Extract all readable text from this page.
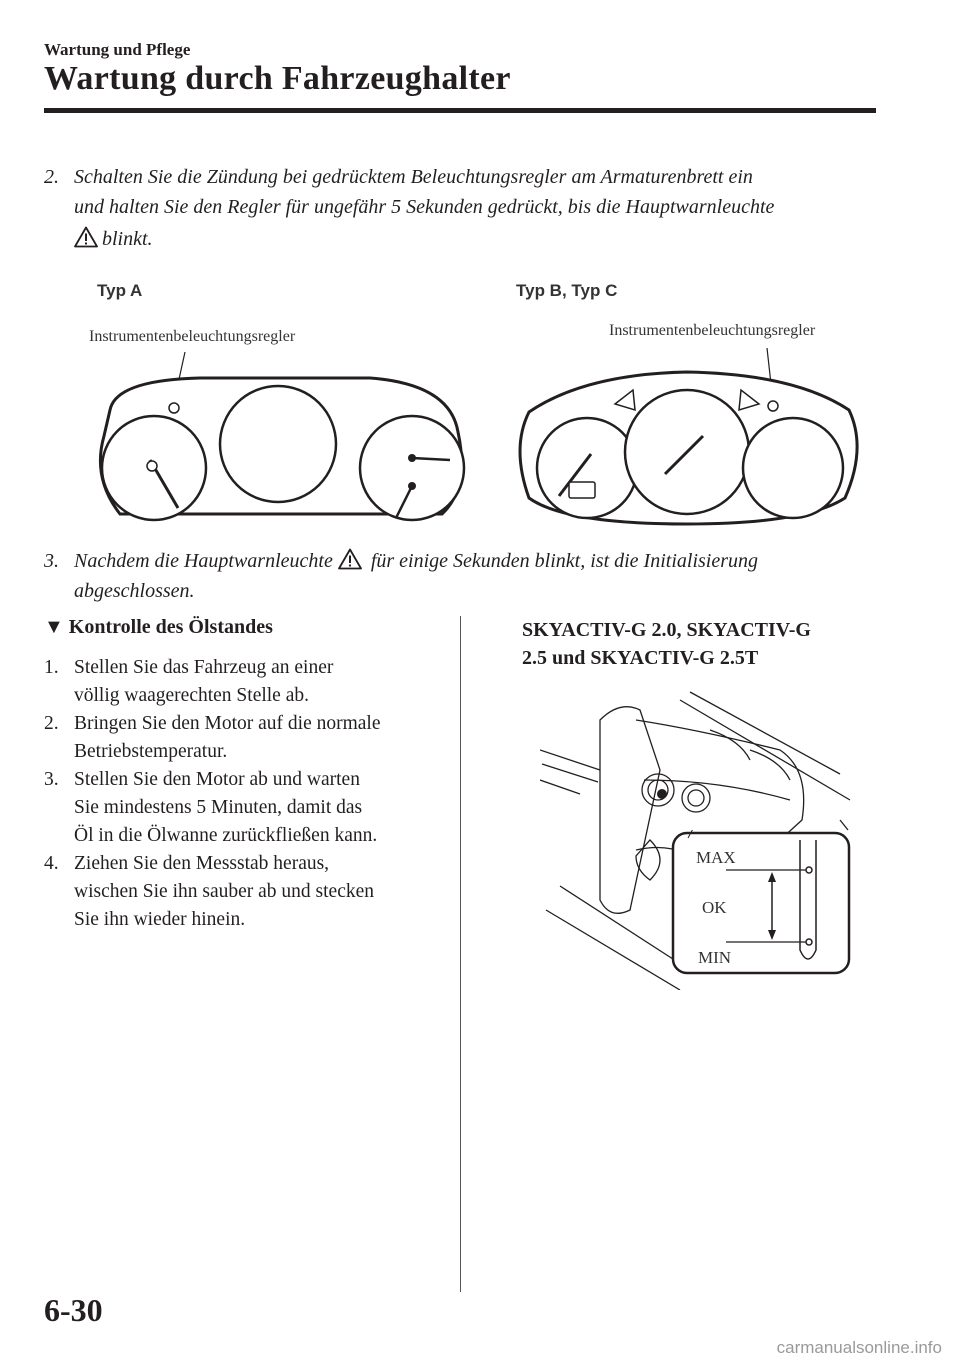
Wartung und Pflege
Wartung durch Fahrzeughalter
2. Schalten Sie die Zündung bei gedrücktem Beleuchtungsregler am Armaturenbrett ein
und halten Sie den Regler für ungefähr 5 Sekunden gedrückt, bis die Hauptwarnleuchte
blinkt.
Typ A	Typ B, Typ C
Instrumentenbeleuchtungsregler	Instrumentenbeleuchtungsregler
3. Nachdem die Hauptwarnleuchte für einige Sekunden blinkt, ist die Initialisierung
abgeschlossen.
▼ Kontrolle des Ölstandes
1. Stellen Sie das Fahrzeug an einer
völlig waagerechten Stelle ab.
2. Bringen Sie den Motor auf die normale
Betriebstemperatur.
3. Stellen Sie den Motor ab und warten
Sie mindestens 5 Minuten, damit das
Öl in die Ölwanne zurückfließen kann.
4. Ziehen Sie den Messstab heraus,
wischen Sie ihn sauber ab und stecken
Sie ihn wieder hinein.
SKYACTIV-G 2.0, SKYACTIV-G
2.5 und SKYACTIV-G 2.5T
MAX
OK
MIN
6-30
carmanualsonline.info
